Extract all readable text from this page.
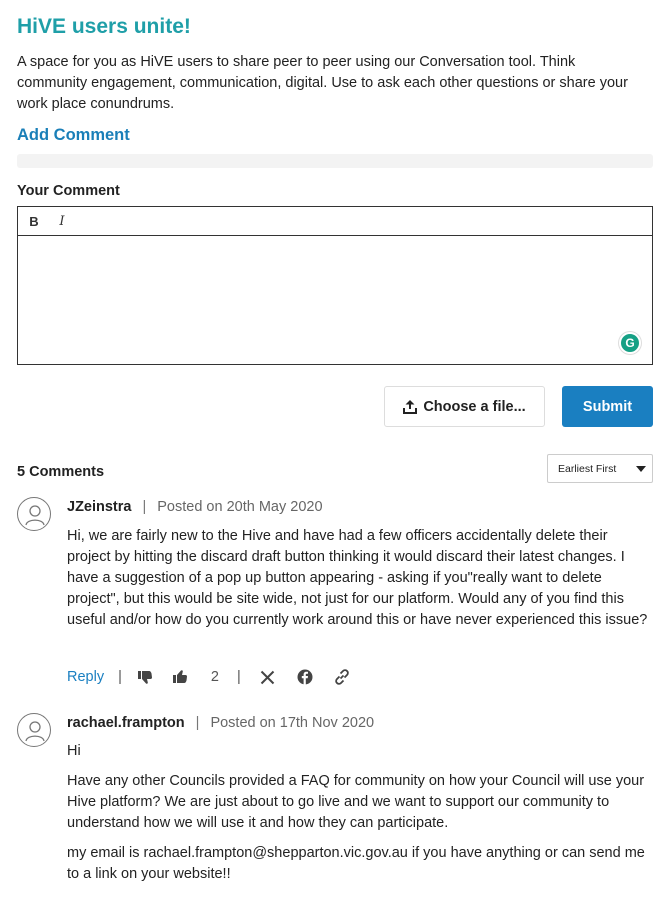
HiVE users unite!
A space for you as HiVE users to share peer to peer using our Conversation tool. Think community engagement, communication, digital. Use to ask each other questions or share your work place conundrums.
Add Comment
Your Comment
B	I
G
Choose a file...	Submit
5 Comments	Earliest First
JZeinstra | Posted on 20th May 2020

Hi, we are fairly new to the Hive and have had a few officers accidentally delete their project by hitting the discard draft button thinking it would discard their latest changes. I have a suggestion of a pop up button appearing - asking if you"really want to delete project", but this would be site wide, not just for our platform. Would any of you find this useful and/or how do you currently work around this or have never experienced this issue?

Reply |	2 |
rachael.frampton | Posted on 17th Nov 2020

Hi

Have any other Councils provided a FAQ for community on how your Council will use your Hive platform? We are just about to go live and we want to support our community to understand how we will use it and how they can participate.

my email is rachael.frampton@shepparton.vic.gov.au if you have anything or can send me to a link on your website!!
